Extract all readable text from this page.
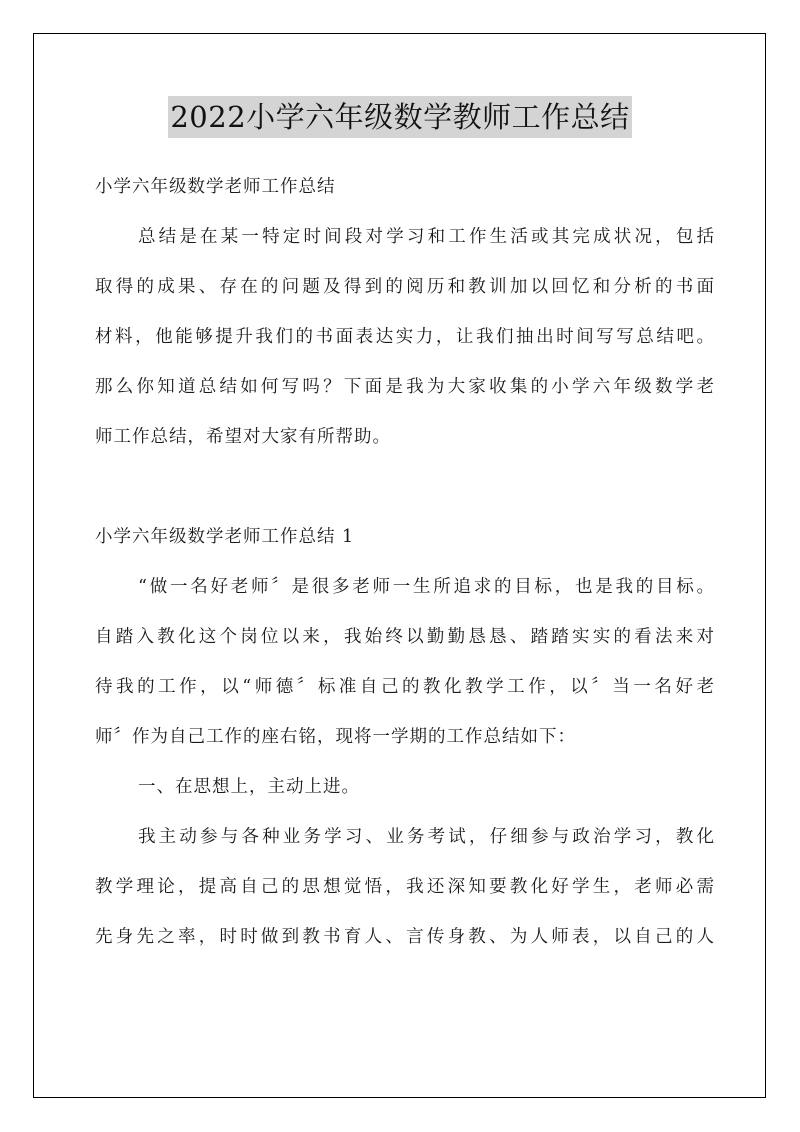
2022小学六年级数学教师工作总结
小学六年级数学老师工作总结
总结是在某一特定时间段对学习和工作生活或其完成状况，包括
取得的成果、存在的问题及得到的阅历和教训加以回忆和分析的书面
材料，他能够提升我们的书面表达实力，让我们抽出时间写写总结吧。
那么你知道总结如何写吗？下面是我为大家收集的小学六年级数学老
师工作总结，希望对大家有所帮助。
小学六年级数学老师工作总结 1
“做一名好老师〞是很多老师一生所追求的目标，也是我的目标。
自踏入教化这个岗位以来，我始终以勤勤恳恳、踏踏实实的看法来对
待我的工作，以“师德〞标准自己的教化教学工作，以〞当一名好老
师〞作为自己工作的座右铭，现将一学期的工作总结如下：
一、在思想上，主动上进。
我主动参与各种业务学习、业务考试，仔细参与政治学习，教化
教学理论，提高自己的思想觉悟，我还深知要教化好学生，老师必需
先身先之率，时时做到教书育人、言传身教、为人师表，以自己的人
